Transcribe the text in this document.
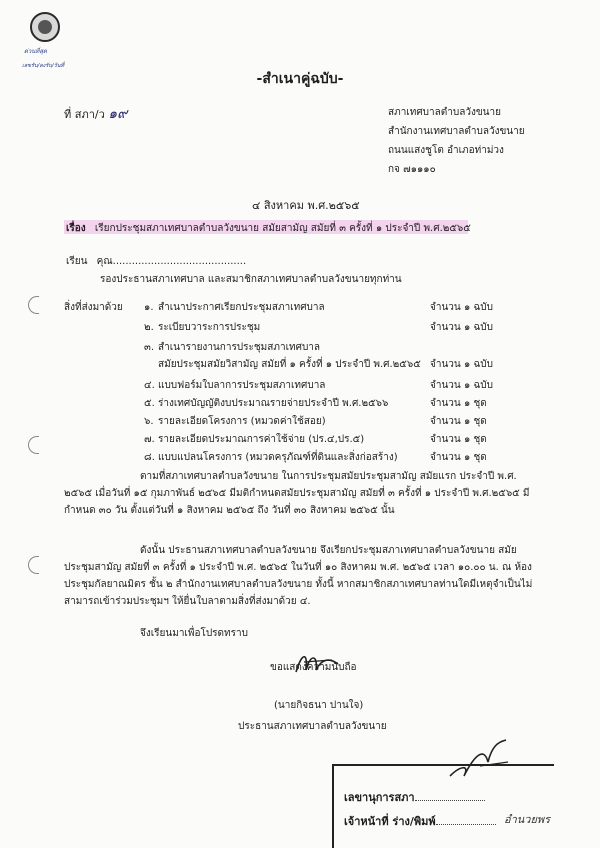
ด่วนที่สุด
เลขรับ/ลงรับ/วันที่
-สำเนาคู่ฉบับ-
ที่ สภา/ว ๑๙	สภาเทศบาลตำบลวังขนาย
สำนักงานเทศบาลตำบลวังขนาย
ถนนแสงชูโต อำเภอท่าม่วง
กจ ๗๑๑๑๐
๔ สิงหาคม พ.ศ.๒๕๖๕
เรื่อง เรียกประชุมสภาเทศบาลตำบลวังขนาย สมัยสามัญ สมัยที่ ๓ ครั้งที่ ๑ ประจำปี พ.ศ.๒๕๖๕
เรียน คุณ..........................................
รองประธานสภาเทศบาล และสมาชิกสภาเทศบาลตำบลวังขนายทุกท่าน
สิ่งที่ส่งมาด้วย ๑. สำเนาประกาศเรียกประชุมสภาเทศบาล	จำนวน ๑ ฉบับ
๒. ระเบียบวาระการประชุม	จำนวน ๑ ฉบับ
๓. สำเนารายงานการประชุมสภาเทศบาล
สมัยประชุมสมัยวิสามัญ สมัยที่ ๑ ครั้งที่ ๑ ประจำปี พ.ศ.๒๕๖๕ จำนวน ๑ ฉบับ
๔. แบบฟอร์มใบลาการประชุมสภาเทศบาล	จำนวน ๑ ฉบับ
๕. ร่างเทศบัญญัติงบประมาณรายจ่ายประจำปี พ.ศ.๒๕๖๖	จำนวน ๑ ชุด
๖. รายละเอียดโครงการ (หมวดค่าใช้สอย)	จำนวน ๑ ชุด
๗. รายละเอียดประมาณการค่าใช้จ่าย (ปร.๔,ปร.๕)	จำนวน ๑ ชุด
๘. แบบแปลนโครงการ (หมวดครุภัณฑ์ที่ดินและสิ่งก่อสร้าง)	จำนวน ๑ ชุด
ตามที่สภาเทศบาลตำบลวังขนาย ในการประชุมสมัยประชุมสามัญ สมัยแรก ประจำปี พ.ศ. ๒๕๖๕ เมื่อวันที่ ๑๕ กุมภาพันธ์ ๒๕๖๕ มีมติกำหนดสมัยประชุมสามัญ สมัยที่ ๓ ครั้งที่ ๑ ประจำปี พ.ศ.๒๕๖๕ มีกำหนด ๓๐ วัน ตั้งแต่วันที่ ๑ สิงหาคม ๒๕๖๕ ถึง วันที่ ๓๐ สิงหาคม ๒๕๖๕ นั้น
ดังนั้น ประธานสภาเทศบาลตำบลวังขนาย จึงเรียกประชุมสภาเทศบาลตำบลวังขนาย สมัยประชุมสามัญ สมัยที่ ๓ ครั้งที่ ๑ ประจำปี พ.ศ. ๒๕๖๕ ในวันที่ ๑๐ สิงหาคม พ.ศ. ๒๕๖๕ เวลา ๑๐.๐๐ น. ณ ห้องประชุมกัลยาณมิตร ชั้น ๒ สำนักงานเทศบาลตำบลวังขนาย ทั้งนี้ หากสมาชิกสภาเทศบาลท่านใดมีเหตุจำเป็นไม่สามารถเข้าร่วมประชุมฯ ให้ยื่นใบลาตามสิ่งที่ส่งมาด้วย ๔.
จึงเรียนมาเพื่อโปรดทราบ
ขอแสดงความนับถือ
(นายกิจธนา ปานใจ)
ประธานสภาเทศบาลตำบลวังขนาย
เลขานุการสภา
เจ้าหน้าที่ ร่าง/พิมพ์	อำนวยพร
